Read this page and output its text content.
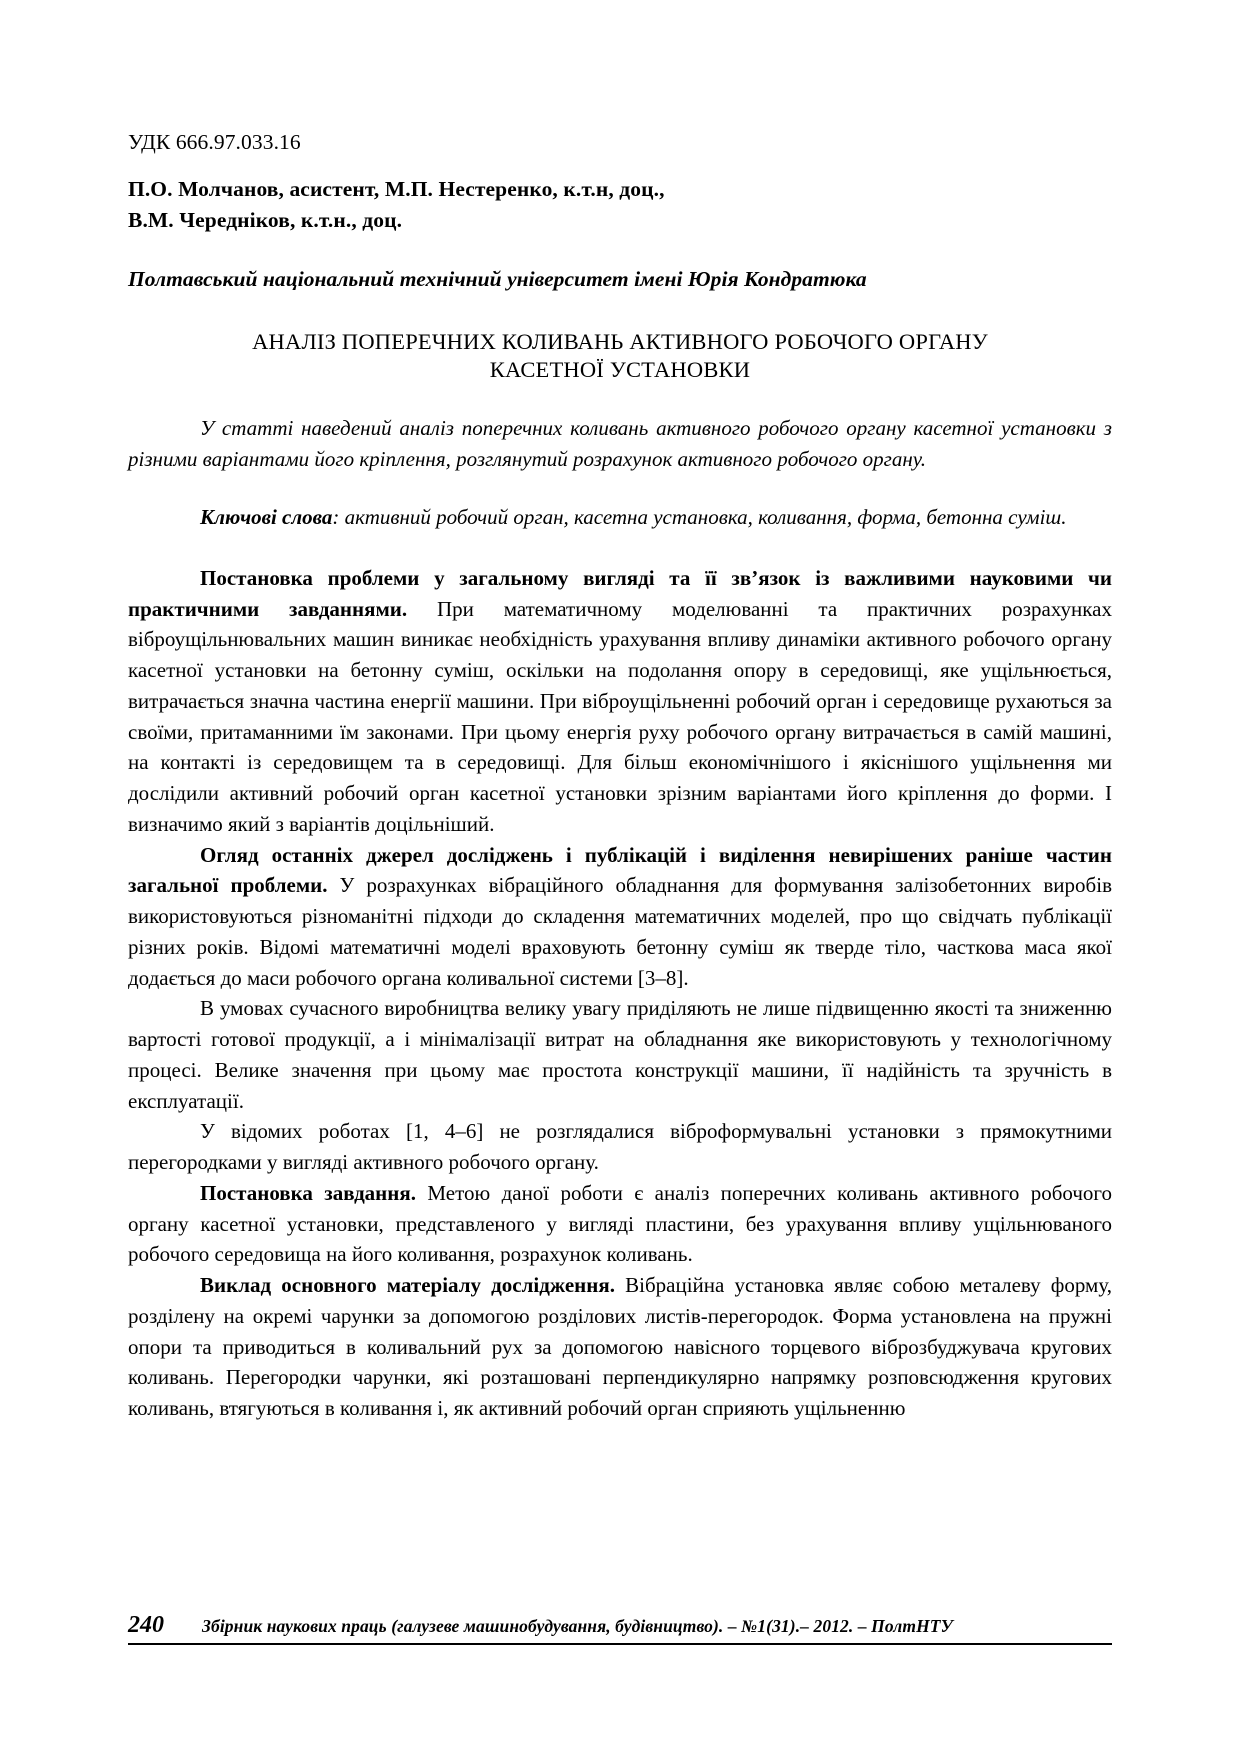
УДК 666.97.033.16
П.О. Молчанов, асистент, М.П. Нестеренко, к.т.н, доц.,
В.М. Чередніков, к.т.н., доц.
Полтавський національний технічний університет імені Юрія Кондратюка
АНАЛІЗ ПОПЕРЕЧНИХ КОЛИВАНЬ АКТИВНОГО РОБОЧОГО ОРГАНУ
КАСЕТНОЇ УСТАНОВКИ
У статті наведений аналіз поперечних коливань активного робочого органу касетної установки з різними варіантами його кріплення, розглянутий розрахунок активного робочого органу.
Ключові слова: активний робочий орган, касетна установка, коливання, форма, бетонна суміш.

Постановка проблеми у загальному вигляді та її зв’язок із важливими науковими чи практичними завданнями. При математичному моделюванні та практичних розрахунках віброущільнювальних машин виникає необхідність урахування впливу динаміки активного робочого органу касетної установки на бетонну суміш, оскільки на подолання опору в середовищі, яке ущільнюється, витрачається значна частина енергії машини. При віброущільненні робочий орган і середовище рухаються за своїми, притаманними їм законами. При цьому енергія руху робочого органу витрачається в самій машині, на контакті із середовищем та в середовищі. Для більш економічнішого і якіснішого ущільнення ми дослідили активний робочий орган касетної установки зрізним варіантами його кріплення до форми. І визначимо який з варіантів доцільніший.

Огляд останніх джерел досліджень і публікацій і виділення невирішених раніше частин загальної проблеми. У розрахунках вібраційного обладнання для формування залізобетонних виробів використовуються різноманітні підходи до складення математичних моделей, про що свідчать публікації різних років. Відомі математичні моделі враховують бетонну суміш як тверде тіло, часткова маса якої додається до маси робочого органа коливальної системи [3–8].

В умовах сучасного виробництва велику увагу приділяють не лише підвищенню якості та зниженню вартості готової продукції, а і мінімалізації витрат на обладнання яке використовують у технологічному процесі. Велике значення при цьому має простота конструкції машини, її надійність та зручність в експлуатації.

У відомих роботах [1, 4–6] не розглядалися віброформувальні установки з прямокутними перегородками у вигляді активного робочого органу.

Постановка завдання. Метою даної роботи є аналіз поперечних коливань активного робочого органу касетної установки, представленого у вигляді пластини, без урахування впливу ущільнюваного робочого середовища на його коливання, розрахунок коливань.

Виклад основного матеріалу дослідження. Вібраційна установка являє собою металеву форму, розділену на окремі чарунки за допомогою розділових листів-перегородок. Форма установлена на пружні опори та приводиться в коливальний рух за допомогою навісного торцевого віброзбуджувача кругових коливань. Перегородки чарунки, які розташовані перпендикулярно напрямку розповсюдження кругових коливань, втягуються в коливання і, як активний робочий орган сприяють ущільненню

240	Збірник наукових праць (галузеве машинобудування, будівництво). – №1(31).– 2012. – ПолтНТУ
